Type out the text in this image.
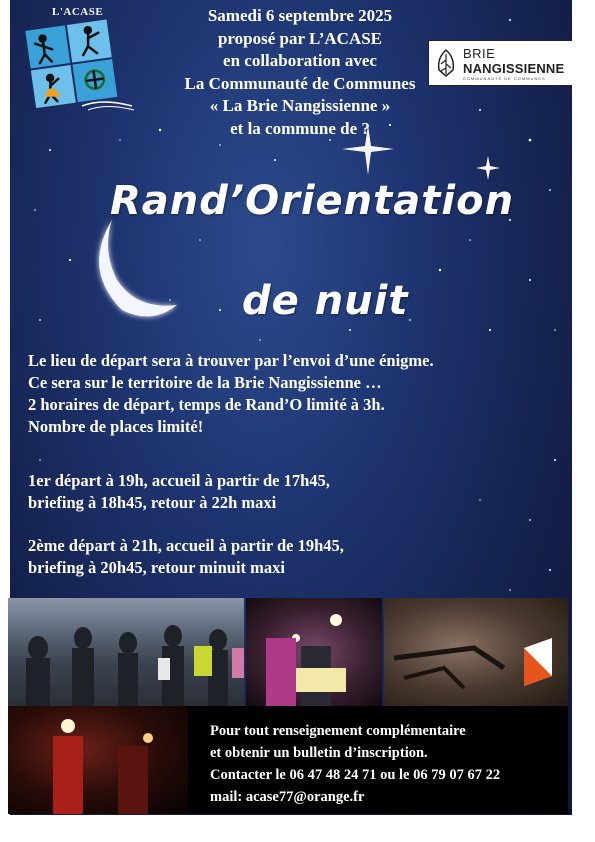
Samedi 6 septembre 2025
proposé par L’ACASE
en collaboration avec
La Communauté de Communes
« La Brie Nangissienne »
et la commune de ?
L'ACASE
BRIE
NANGISSIENNE
COMMUNAUTÉ DE COMMUNES
Rand’Orientation
de nuit
Le lieu de départ sera à trouver par l’envoi d’une énigme.
Ce sera sur le territoire de la Brie Nangissienne …
2 horaires de départ, temps de Rand’O limité à 3h.
Nombre de places limité!
1er départ à 19h, accueil à partir de 17h45,
briefing à 18h45, retour à 22h maxi
2ème départ à 21h, accueil à partir de 19h45,
briefing à 20h45, retour minuit maxi
Pour tout renseignement complémentaire
et obtenir un bulletin d’inscription.
Contacter le 06 47 48 24 71 ou le 06 79 07 67 22
mail: acase77@orange.fr
